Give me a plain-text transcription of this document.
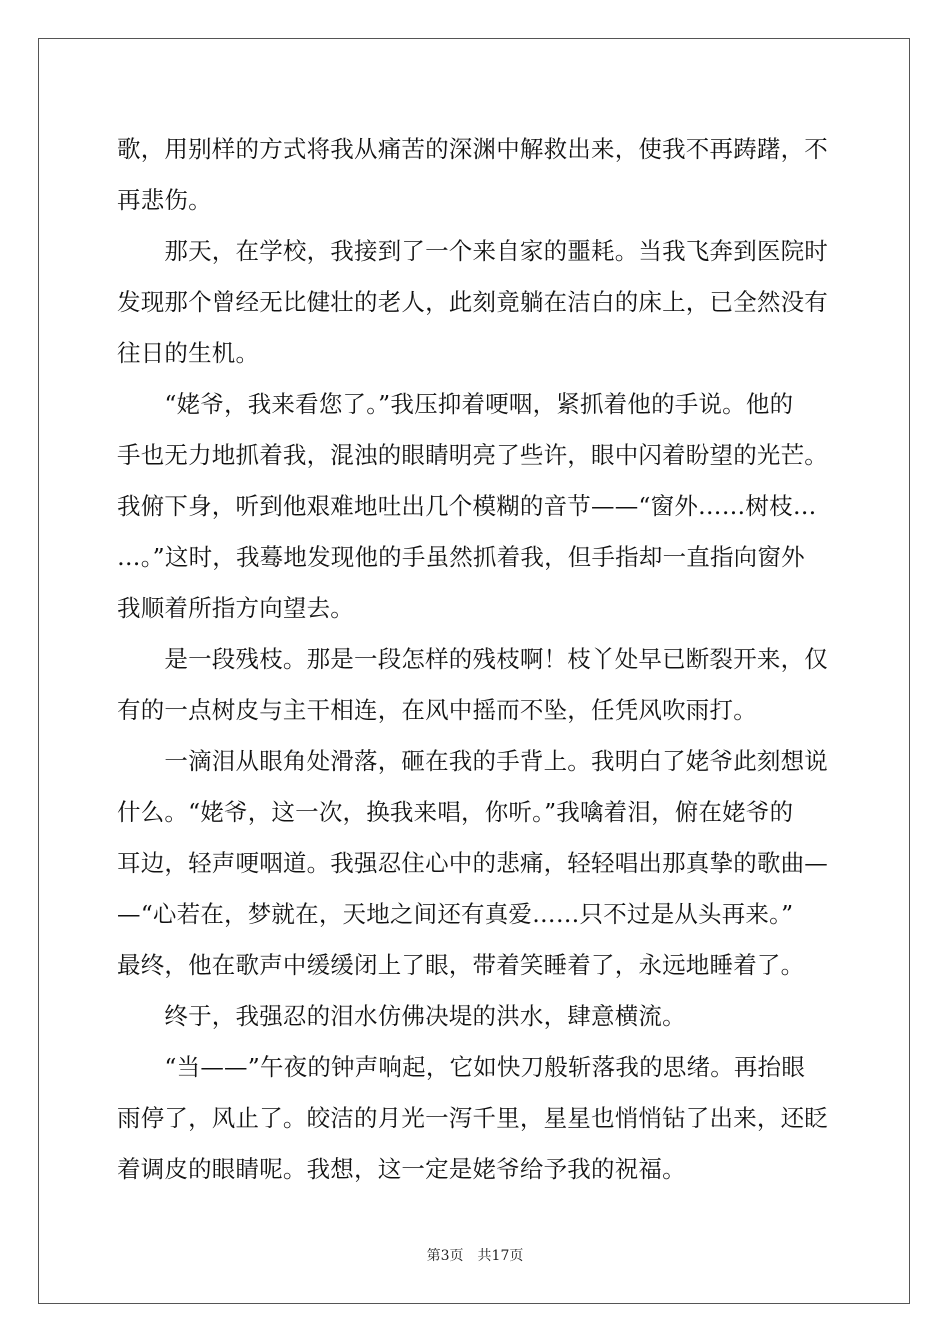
歌，用别样的方式将我从痛苦的深渊中解救出来，使我不再踌躇，不
再悲伤。
　　那天，在学校，我接到了一个来自家的噩耗。当我飞奔到医院时
发现那个曾经无比健壮的老人，此刻竟躺在洁白的床上，已全然没有
往日的生机。
　　“姥爷，我来看您了。”我压抑着哽咽，紧抓着他的手说。他的
手也无力地抓着我，混浊的眼睛明亮了些许，眼中闪着盼望的光芒。
我俯下身，听到他艰难地吐出几个模糊的音节——“窗外……树枝…
…。”这时，我蓦地发现他的手虽然抓着我，但手指却一直指向窗外
我顺着所指方向望去。
　　是一段残枝。那是一段怎样的残枝啊！枝丫处早已断裂开来，仅
有的一点树皮与主干相连，在风中摇而不坠，任凭风吹雨打。
　　一滴泪从眼角处滑落，砸在我的手背上。我明白了姥爷此刻想说
什么。“姥爷，这一次，换我来唱，你听。”我噙着泪，俯在姥爷的
耳边，轻声哽咽道。我强忍住心中的悲痛，轻轻唱出那真挚的歌曲—
—“心若在，梦就在，天地之间还有真爱……只不过是从头再来。”
最终，他在歌声中缓缓闭上了眼，带着笑睡着了，永远地睡着了。
　　终于，我强忍的泪水仿佛决堤的洪水，肆意横流。
　　“当——”午夜的钟声响起，它如快刀般斩落我的思绪。再抬眼
雨停了，风止了。皎洁的月光一泻千里，星星也悄悄钻了出来，还眨
着调皮的眼睛呢。我想，这一定是姥爷给予我的祝福。
第3页 共17页
